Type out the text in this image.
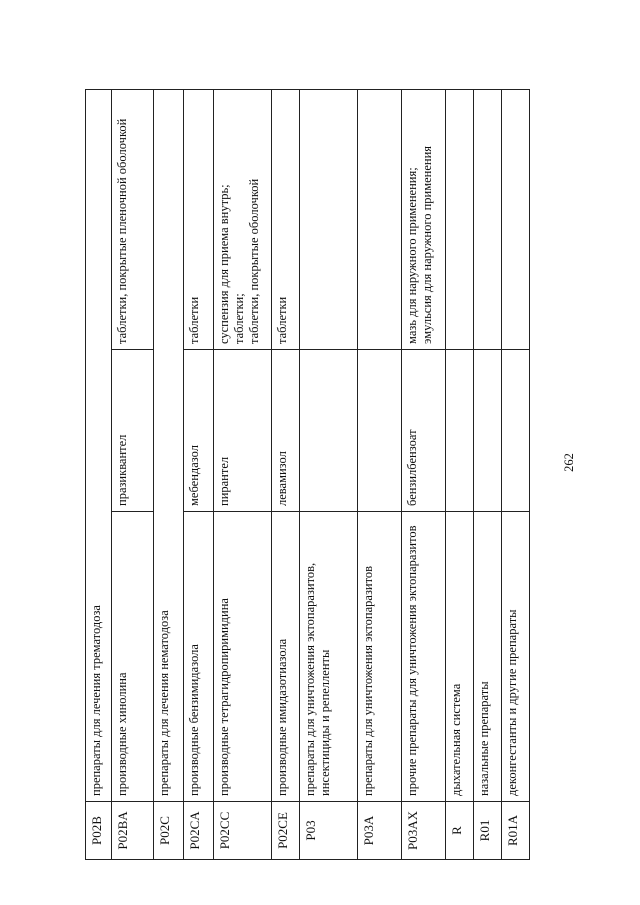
P02B	препараты для лечения трематодоза		
P02BA	производные хинолина	празиквантел	таблетки, покрытые пленочной оболочкой

P02C	препараты для лечения нематодоза		
P02CA	производные бензимидазола	мебендазол	таблетки

P02CC	производные тетрагидропиримидина	пирантел	суспензия для приема внутрь; таблетки; таблетки, покрытые оболочкой

P02CE	производные имидазотиазола	левамизол	таблетки

P03	препараты для уничтожения эктопаразитов, инсектициды и репелленты		
P03A	препараты для уничтожения эктопаразитов		
P03AX	прочие препараты для уничтожения эктопаразитов	бензилбензоат	мазь для наружного применения; эмульсия для наружного применения

R	дыхательная система		
R01	назальные препараты		
R01A	деконгестанты и другие препараты		
262
